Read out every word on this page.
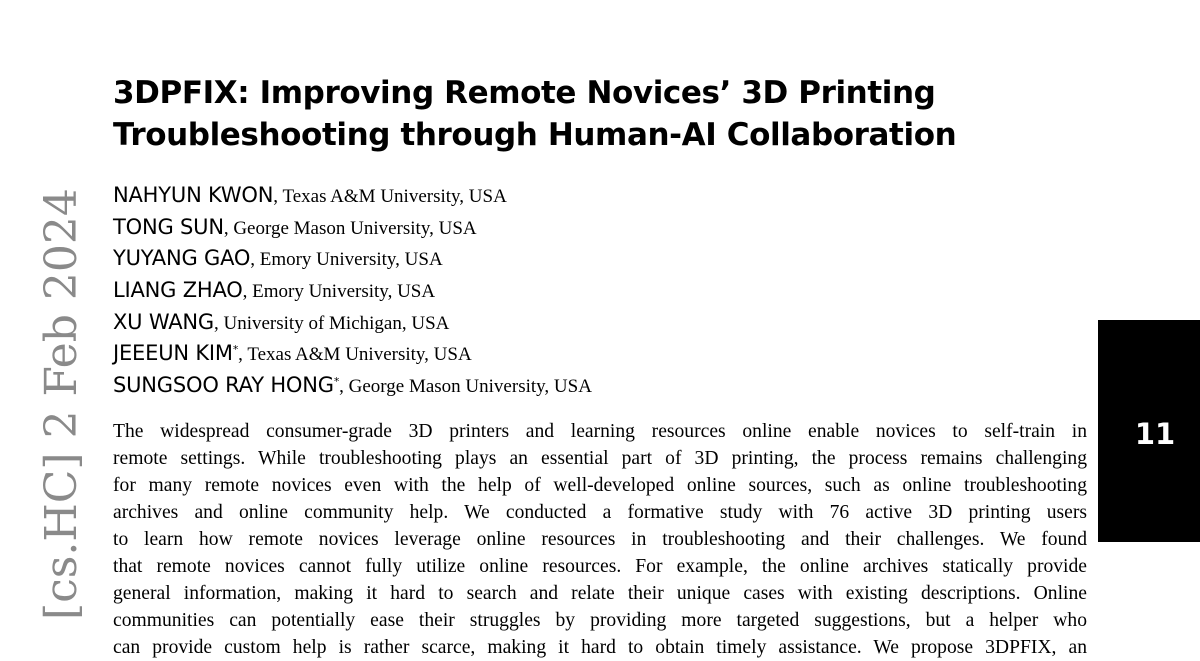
[cs.HC] 2 Feb 2024
3DPFIX: Improving Remote Novices’ 3D Printing
Troubleshooting through Human-AI Collaboration
NAHYUN KWON, Texas A&M University, USA
TONG SUN, George Mason University, USA
YUYANG GAO, Emory University, USA
LIANG ZHAO, Emory University, USA
XU WANG, University of Michigan, USA
JEEEUN KIM*, Texas A&M University, USA
SUNGSOO RAY HONG*, George Mason University, USA

The widespread consumer-grade 3D printers and learning resources online enable novices to self-train in
remote settings. While troubleshooting plays an essential part of 3D printing, the process remains challenging
for many remote novices even with the help of well-developed online sources, such as online troubleshooting
archives and online community help. We conducted a formative study with 76 active 3D printing users
to learn how remote novices leverage online resources in troubleshooting and their challenges. We found
that remote novices cannot fully utilize online resources. For example, the online archives statically provide
general information, making it hard to search and relate their unique cases with existing descriptions. Online
communities can potentially ease their struggles by providing more targeted suggestions, but a helper who
can provide custom help is rather scarce, making it hard to obtain timely assistance. We propose 3DPFIX, an

11
